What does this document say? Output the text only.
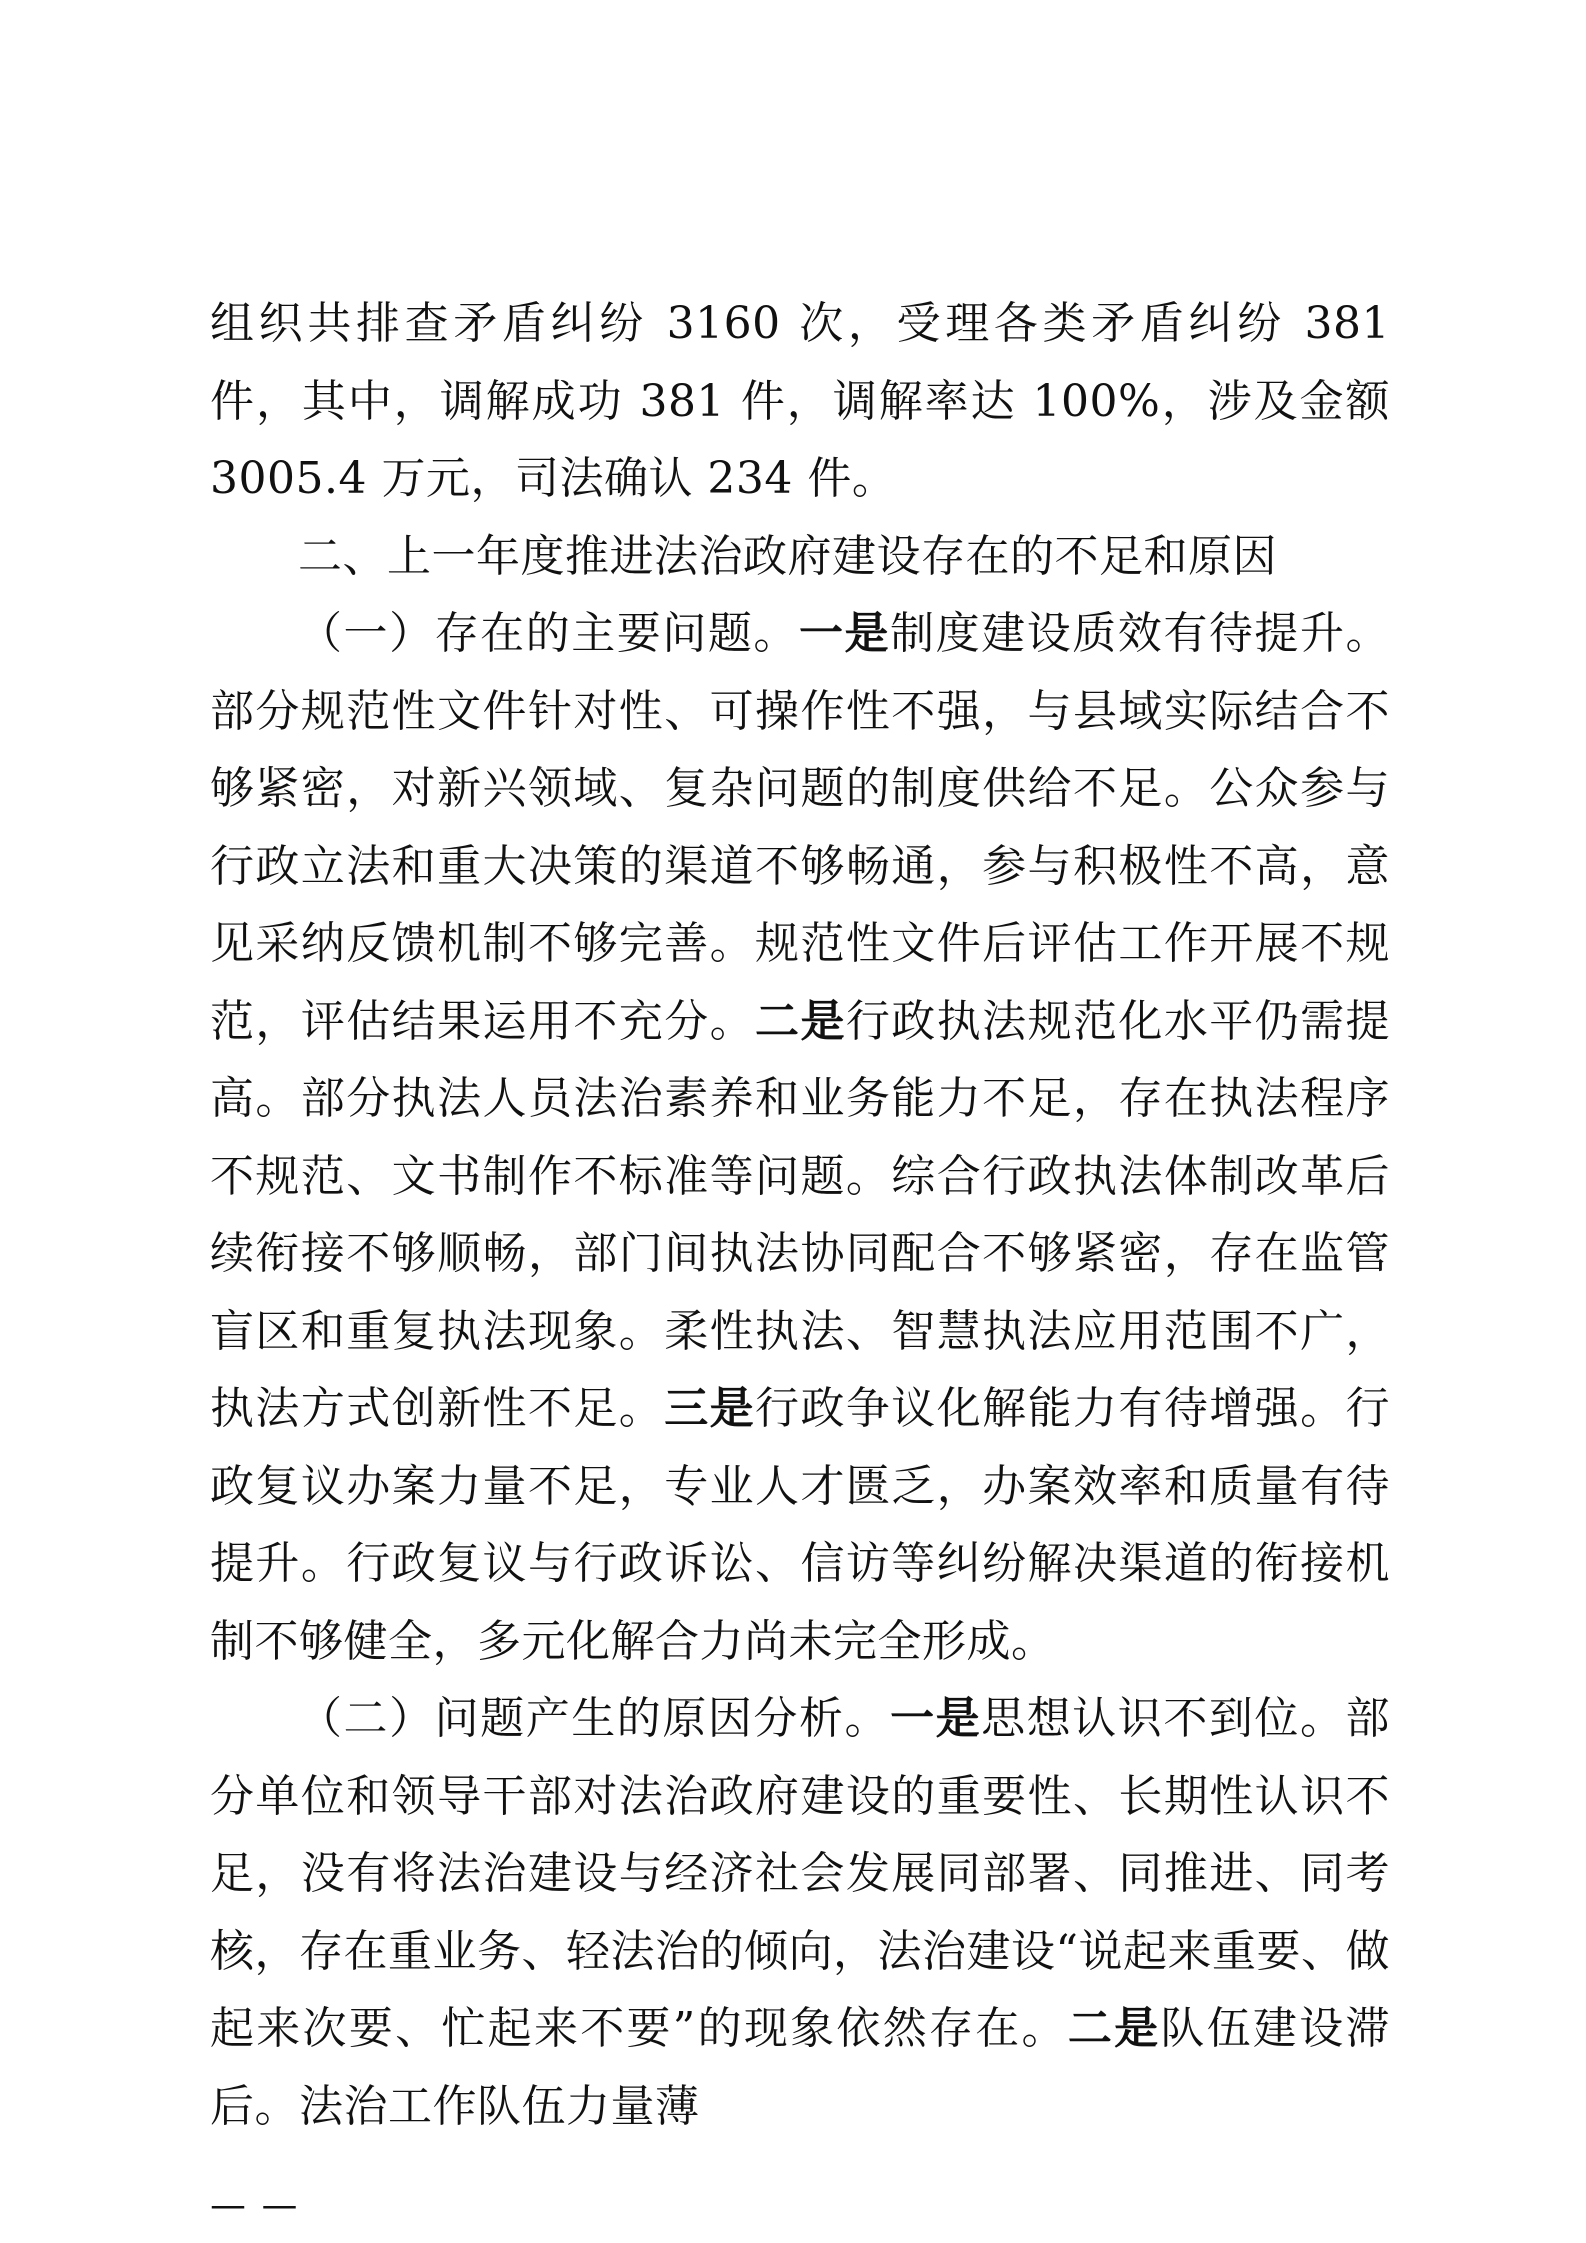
组织共排查矛盾纠纷 3160 次，受理各类矛盾纠纷 381 件，其中，调解成功 381 件，调解率达 100%，涉及金额 3005.4 万元，司法确认 234 件。

二、上一年度推进法治政府建设存在的不足和原因

（一）存在的主要问题。一是制度建设质效有待提升。部分规范性文件针对性、可操作性不强，与县域实际结合不够紧密，对新兴领域、复杂问题的制度供给不足。公众参与行政立法和重大决策的渠道不够畅通，参与积极性不高，意见采纳反馈机制不够完善。规范性文件后评估工作开展不规范，评估结果运用不充分。二是行政执法规范化水平仍需提高。部分执法人员法治素养和业务能力不足，存在执法程序不规范、文书制作不标准等问题。综合行政执法体制改革后续衔接不够顺畅，部门间执法协同配合不够紧密，存在监管盲区和重复执法现象。柔性执法、智慧执法应用范围不广，执法方式创新性不足。三是行政争议化解能力有待增强。行政复议办案力量不足，专业人才匮乏，办案效率和质量有待提升。行政复议与行政诉讼、信访等纠纷解决渠道的衔接机制不够健全，多元化解合力尚未完全形成。

（二）问题产生的原因分析。一是思想认识不到位。部分单位和领导干部对法治政府建设的重要性、长期性认识不足，没有将法治建设与经济社会发展同部署、同推进、同考核，存在重业务、轻法治的倾向，法治建设“说起来重要、做起来次要、忙起来不要”的现象依然存在。二是队伍建设滞后。法治工作队伍力量薄

— —
